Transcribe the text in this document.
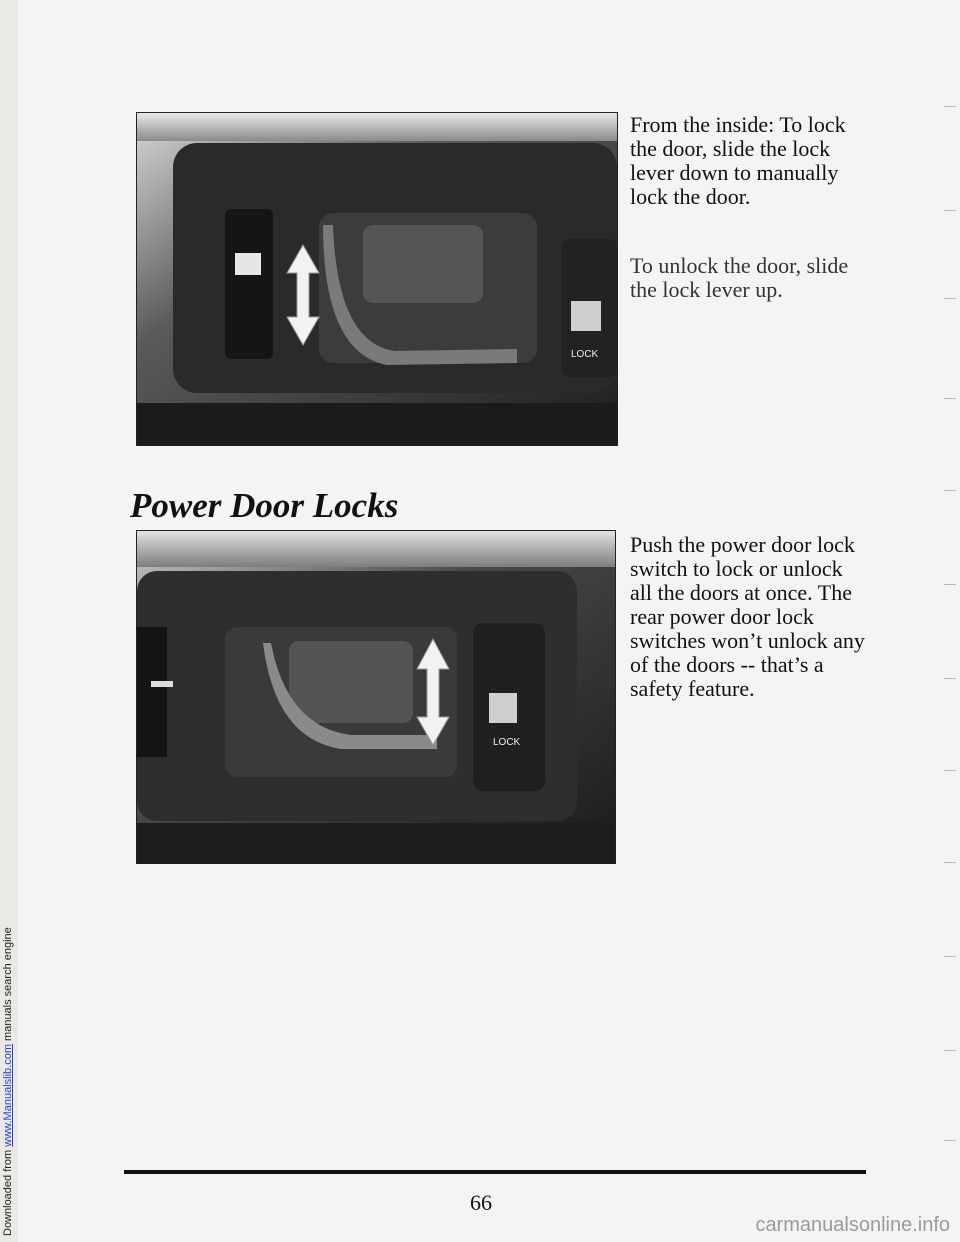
Downloaded from www.Manualslib.com manuals search engine
LOCK

From the inside: To lock the door, slide the lock lever down to manually lock the door.

To unlock the door, slide the lock lever up.

Power Door Locks
LOCK

Push the power door lock switch to lock or unlock all the doors at once. The rear power door lock switches won’t unlock any of the doors -- that’s a safety feature.

66
carmanualsonline.info
